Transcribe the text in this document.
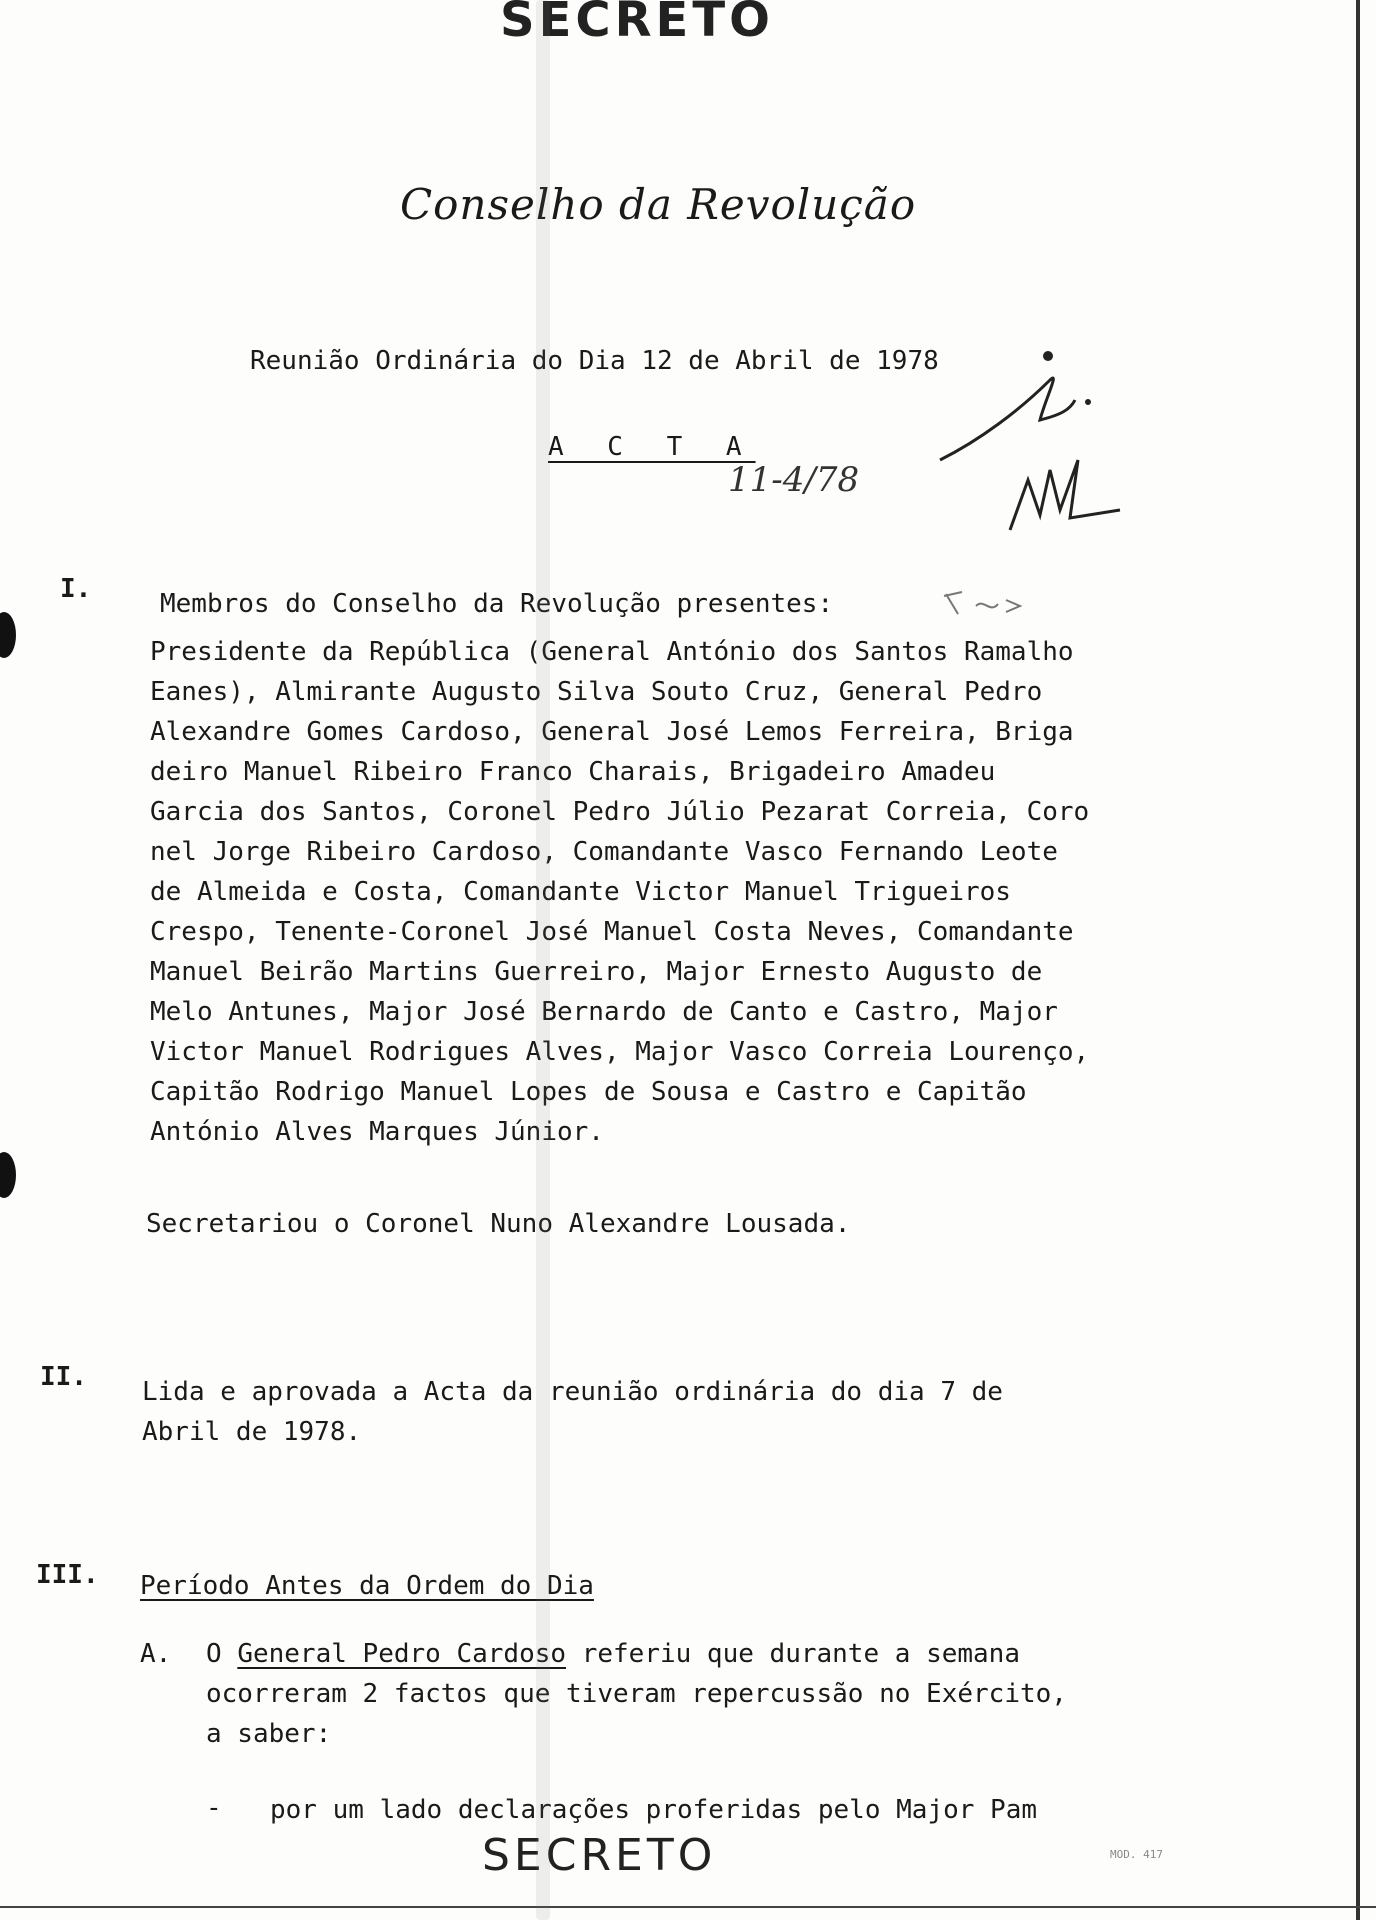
SECRETO
Conselho da Revolução
Reunião Ordinária do Dia 12 de Abril de 1978
A C T A
11-4/78
I.	Membros do Conselho da Revolução presentes:
Presidente da República (General António dos Santos Ramalho
Eanes), Almirante Augusto Silva Souto Cruz, General Pedro
Alexandre Gomes Cardoso, General José Lemos Ferreira, Briga
deiro Manuel Ribeiro Franco Charais, Brigadeiro Amadeu
Garcia dos Santos, Coronel Pedro Júlio Pezarat Correia, Coro
nel Jorge Ribeiro Cardoso, Comandante Vasco Fernando Leote
de Almeida e Costa, Comandante Victor Manuel Trigueiros
Crespo, Tenente-Coronel José Manuel Costa Neves, Comandante
Manuel Beirão Martins Guerreiro, Major Ernesto Augusto de
Melo Antunes, Major José Bernardo de Canto e Castro, Major
Victor Manuel Rodrigues Alves, Major Vasco Correia Lourenço,
Capitão Rodrigo Manuel Lopes de Sousa e Castro e Capitão
António Alves Marques Júnior.
Secretariou o Coronel Nuno Alexandre Lousada.
II. Lida e aprovada a Acta da reunião ordinária do dia 7 de
Abril de 1978.
III. Período Antes da Ordem do Dia
A. O General Pedro Cardoso referiu que durante a semana
ocorreram 2 factos que tiveram repercussão no Exército,
a saber:
- por um lado declarações proferidas pelo Major Pam
SECRETO	MOD. 417
